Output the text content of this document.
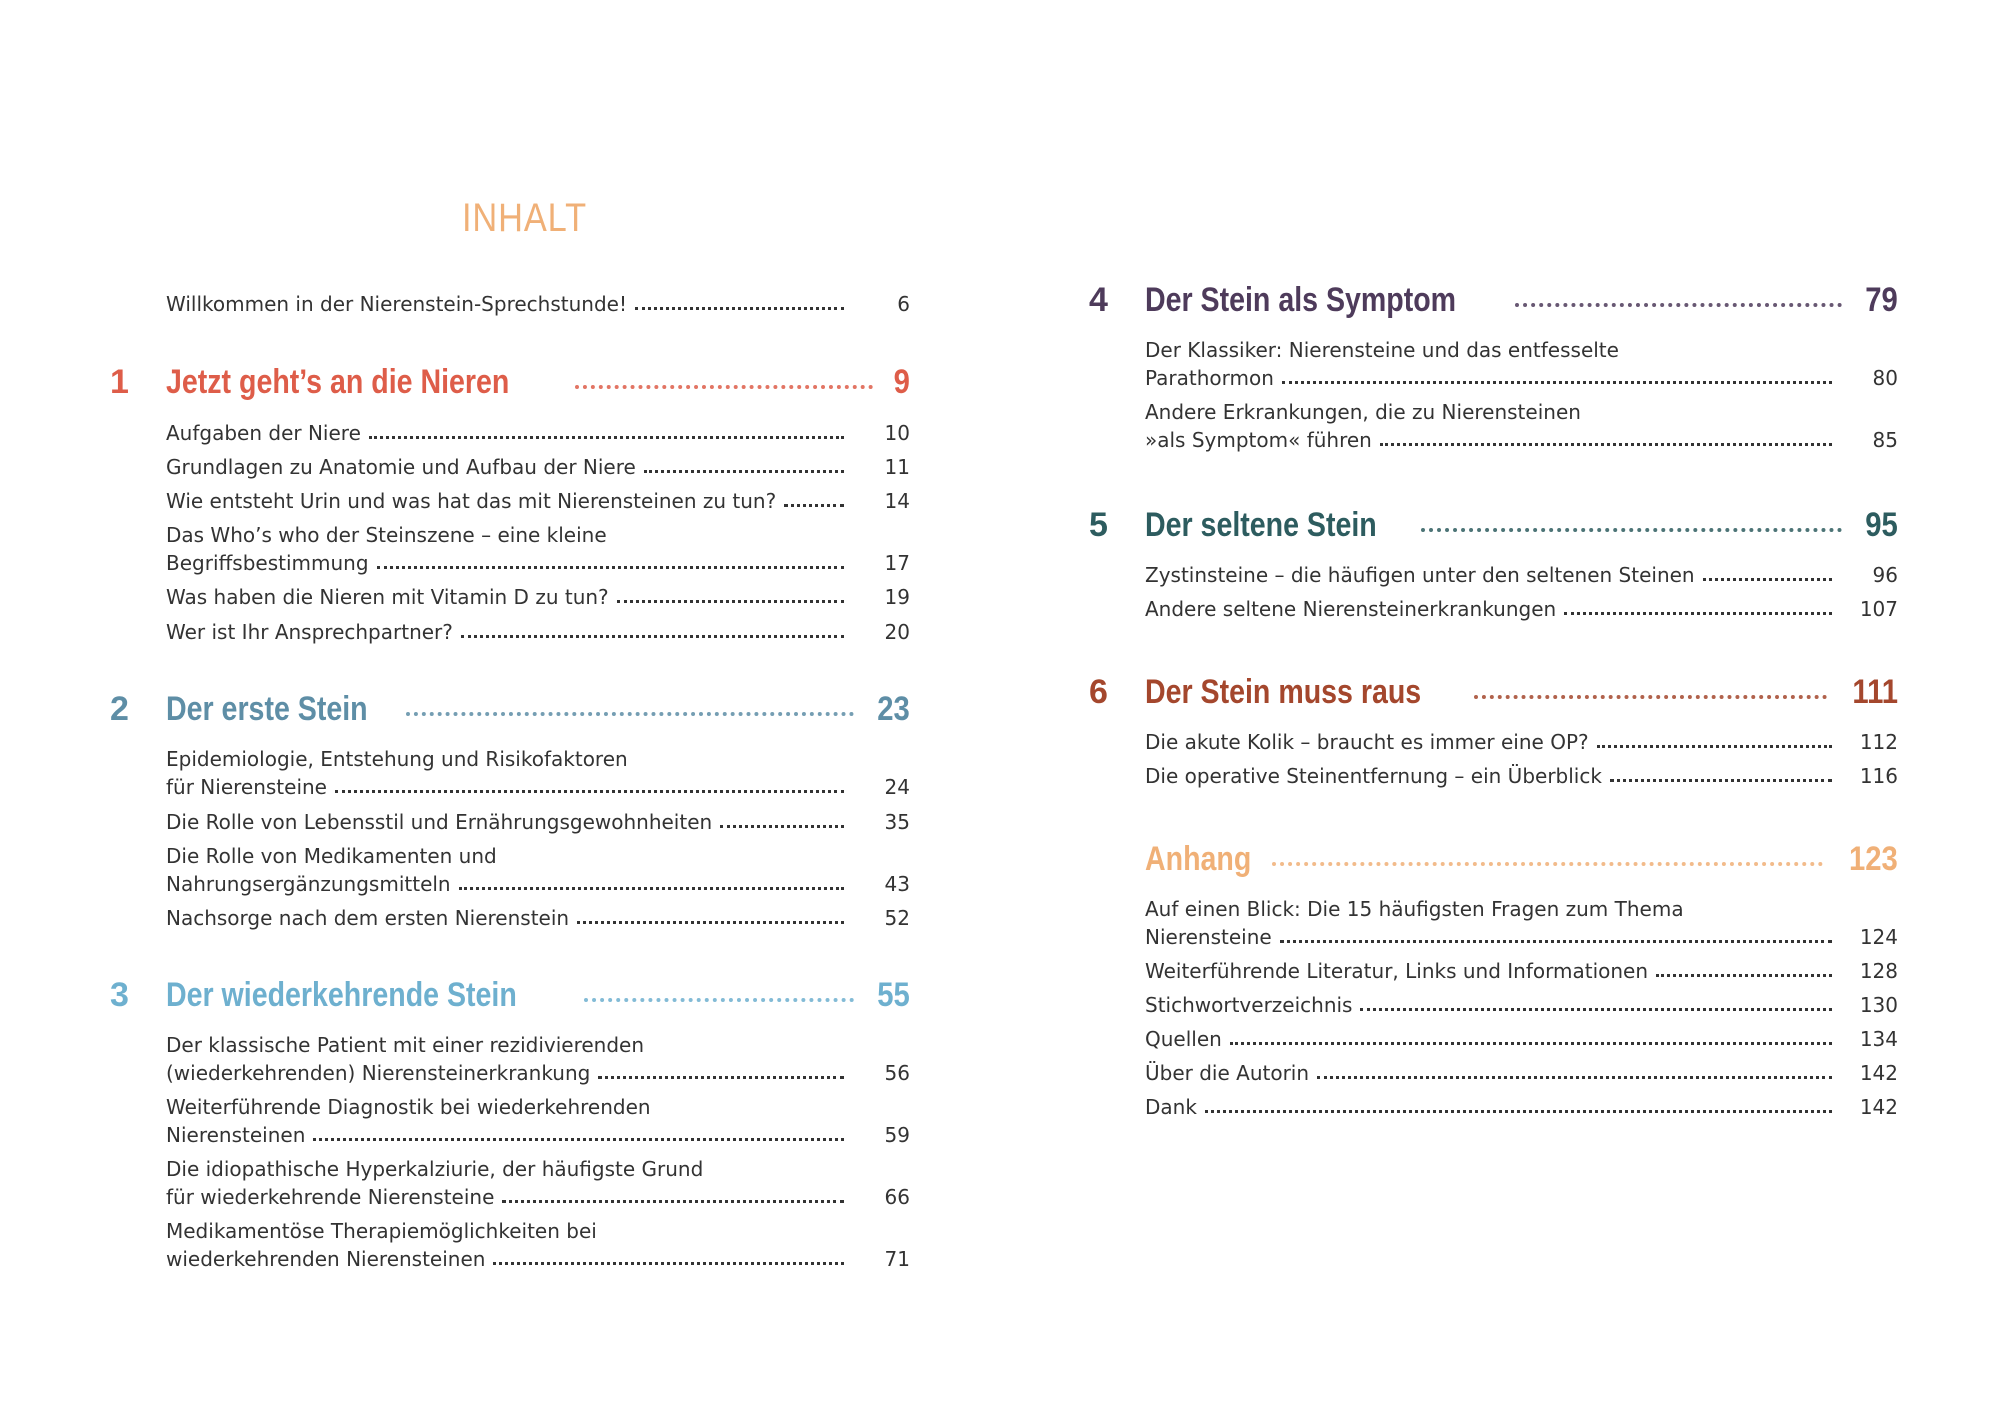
INHALT
Willkommen in der Nierenstein-Sprechstunde!	6
1	Jetzt geht’s an die Nieren	9
Aufgaben der Niere	10
Grundlagen zu Anatomie und Aufbau der Niere	11
Wie entsteht Urin und was hat das mit Nierensteinen zu tun?	14
Das Who’s who der Steinszene – eine kleine
Begriffsbestimmung	17
Was haben die Nieren mit Vitamin D zu tun?	19
Wer ist Ihr Ansprechpartner?	20
2	Der erste Stein	23
Epidemiologie, Entstehung und Risikofaktoren
für Nierensteine	24
Die Rolle von Lebensstil und Ernährungsgewohnheiten	35
Die Rolle von Medikamenten und
Nahrungsergänzungsmitteln	43
Nachsorge nach dem ersten Nierenstein	52
3	Der wiederkehrende Stein	55
Der klassische Patient mit einer rezidivierenden
(wiederkehrenden) Nierensteinerkrankung	56
Weiterführende Diagnostik bei wiederkehrenden
Nierensteinen	59
Die idiopathische Hyperkalziurie, der häufigste Grund
für wiederkehrende Nierensteine	66
Medikamentöse Therapiemöglichkeiten bei
wiederkehrenden Nierensteinen	71
4	Der Stein als Symptom	79
Der Klassiker: Nierensteine und das entfesselte
Parathormon	80
Andere Erkrankungen, die zu Nierensteinen
»als Symptom« führen	85
5	Der seltene Stein	95
Zystinsteine – die häufigen unter den seltenen Steinen	96
Andere seltene Nierensteinerkrankungen	107
6	Der Stein muss raus	111
Die akute Kolik – braucht es immer eine OP?	112
Die operative Steinentfernung – ein Überblick	116
Anhang	123
Auf einen Blick: Die 15 häufigsten Fragen zum Thema
Nierensteine	124
Weiterführende Literatur, Links und Informationen	128
Stichwortverzeichnis	130
Quellen	134
Über die Autorin	142
Dank	142
